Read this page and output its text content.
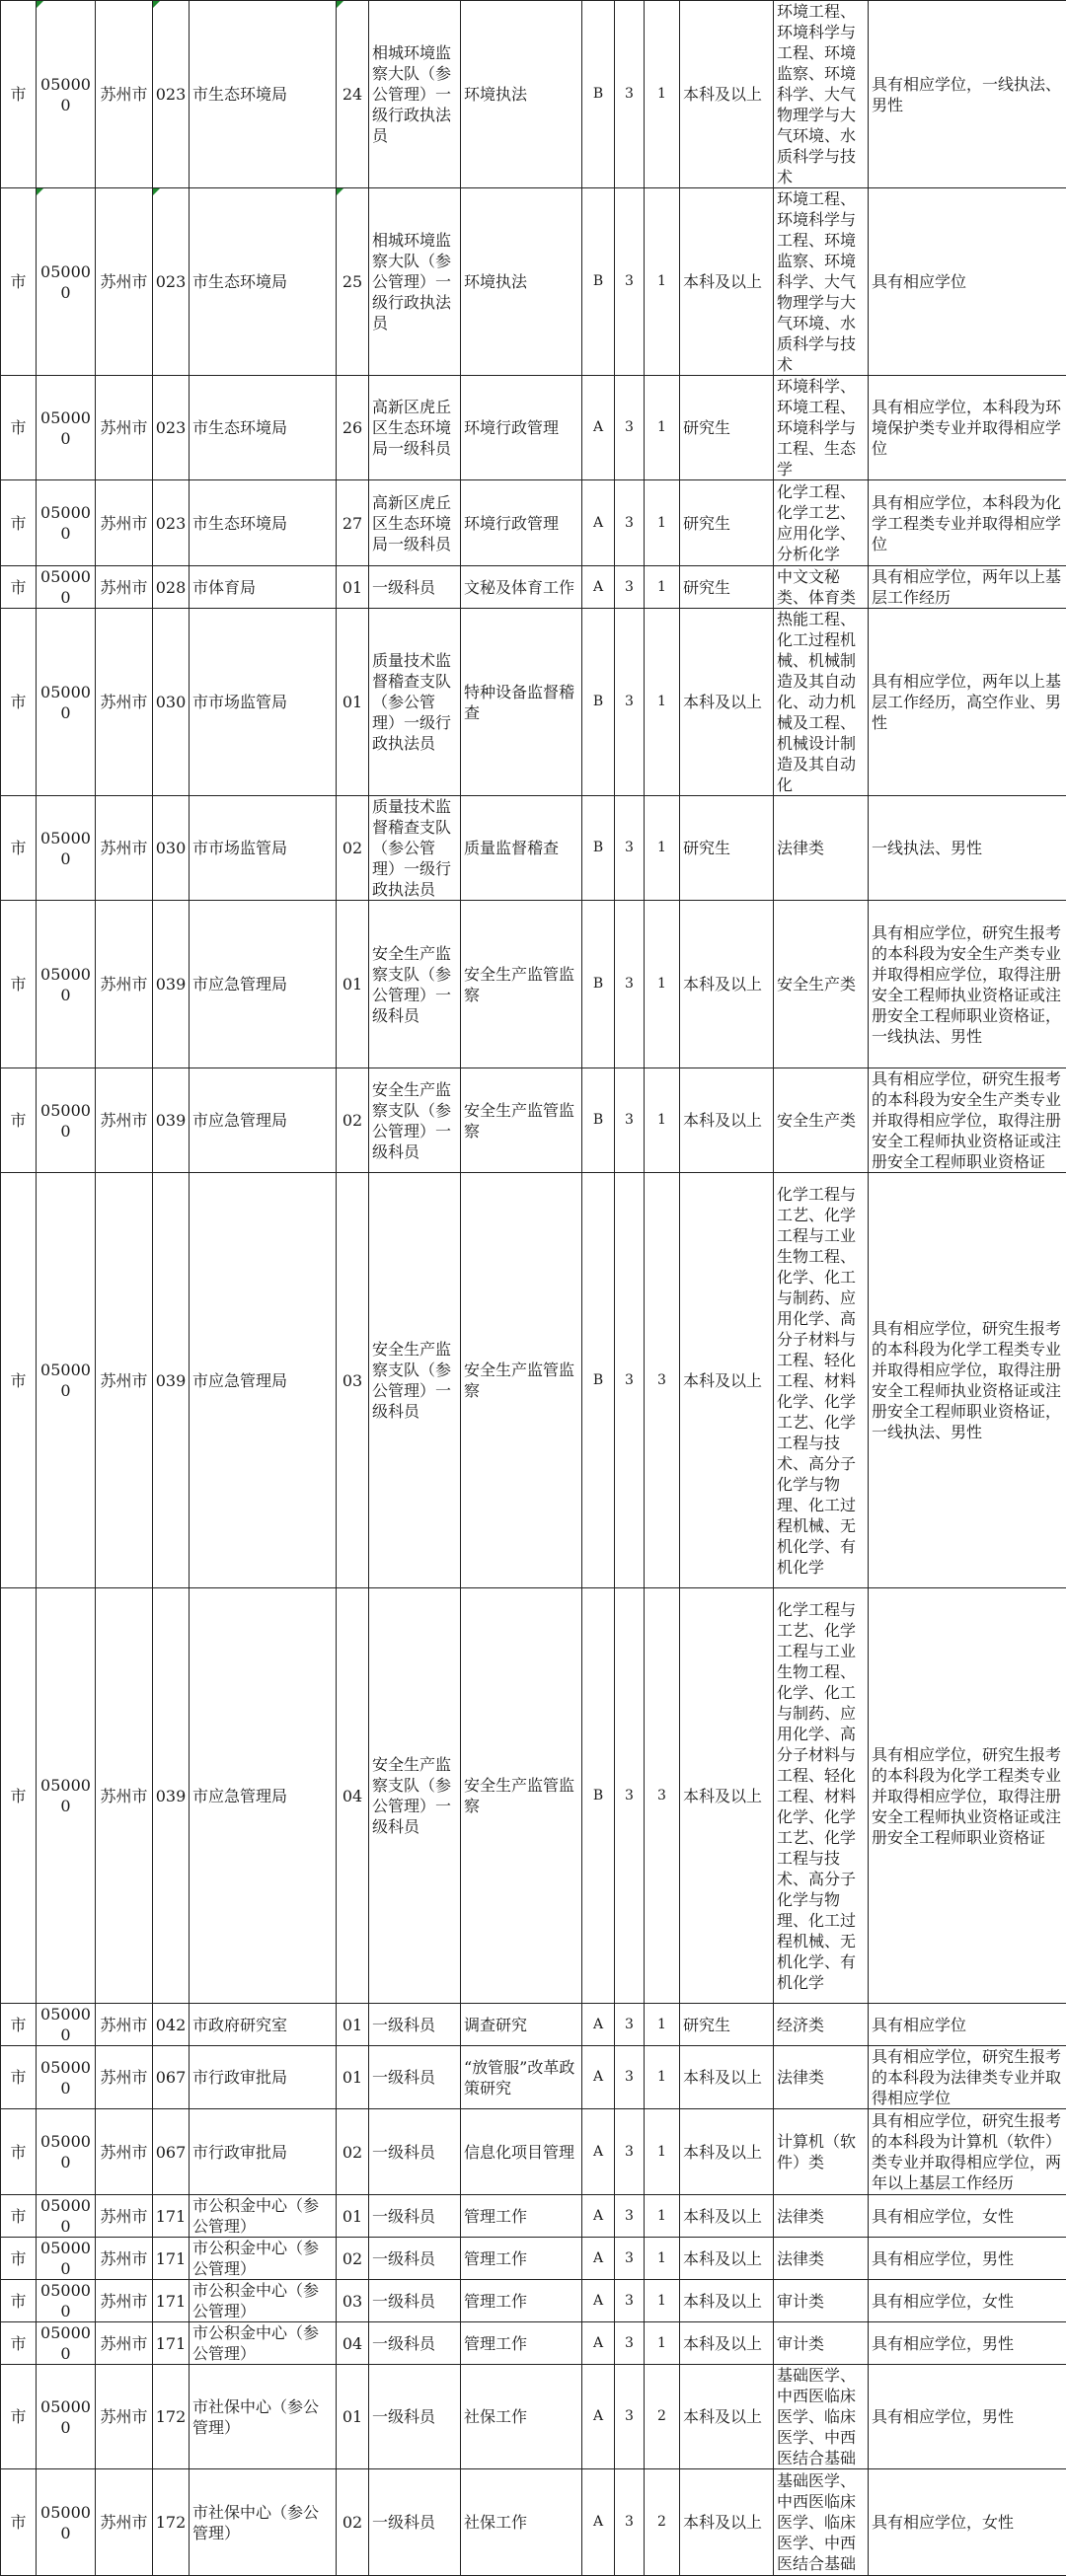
市	050000	苏州市	023	市生态环境局	24	相城环境监察大队（参公管理）一级行政执法员	环境执法	B	3	1	本科及以上	环境工程、环境科学与工程、环境监察、环境科学、大气物理学与大气环境、水质科学与技术	具有相应学位，一线执法、男性
市	050000	苏州市	023	市生态环境局	25	相城环境监察大队（参公管理）一级行政执法员	环境执法	B	3	1	本科及以上	环境工程、环境科学与工程、环境监察、环境科学、大气物理学与大气环境、水质科学与技术	具有相应学位
市	050000	苏州市	023	市生态环境局	26	高新区虎丘区生态环境局一级科员	环境行政管理	A	3	1	研究生	环境科学、环境工程、环境科学与工程、生态学	具有相应学位，本科段为环境保护类专业并取得相应学位
市	050000	苏州市	023	市生态环境局	27	高新区虎丘区生态环境局一级科员	环境行政管理	A	3	1	研究生	化学工程、化学工艺、应用化学、分析化学	具有相应学位，本科段为化学工程类专业并取得相应学位
市	050000	苏州市	028	市体育局	01	一级科员	文秘及体育工作	A	3	1	研究生	中文文秘类、体育类	具有相应学位，两年以上基层工作经历
市	050000	苏州市	030	市市场监管局	01	质量技术监督稽查支队（参公管理）一级行政执法员	特种设备监督稽查	B	3	1	本科及以上	热能工程、化工过程机械、机械制造及其自动化、动力机械及工程、机械设计制造及其自动化	具有相应学位，两年以上基层工作经历，高空作业、男性
市	050000	苏州市	030	市市场监管局	02	质量技术监督稽查支队（参公管理）一级行政执法员	质量监督稽查	B	3	1	研究生	法律类	一线执法、男性
市	050000	苏州市	039	市应急管理局	01	安全生产监察支队（参公管理）一级科员	安全生产监管监察	B	3	1	本科及以上	安全生产类	具有相应学位，研究生报考的本科段为安全生产类专业并取得相应学位，取得注册安全工程师执业资格证或注册安全工程师职业资格证，一线执法、男性
市	050000	苏州市	039	市应急管理局	02	安全生产监察支队（参公管理）一级科员	安全生产监管监察	B	3	1	本科及以上	安全生产类	具有相应学位，研究生报考的本科段为安全生产类专业并取得相应学位，取得注册安全工程师执业资格证或注册安全工程师职业资格证
市	050000	苏州市	039	市应急管理局	03	安全生产监察支队（参公管理）一级科员	安全生产监管监察	B	3	3	本科及以上	化学工程与工艺、化学工程与工业生物工程、化学、化工与制药、应用化学、高分子材料与工程、轻化工程、材料化学、化学工艺、化学工程与技术、高分子化学与物理、化工过程机械、无机化学、有机化学	具有相应学位，研究生报考的本科段为化学工程类专业并取得相应学位，取得注册安全工程师执业资格证或注册安全工程师职业资格证，一线执法、男性
市	050000	苏州市	039	市应急管理局	04	安全生产监察支队（参公管理）一级科员	安全生产监管监察	B	3	3	本科及以上	化学工程与工艺、化学工程与工业生物工程、化学、化工与制药、应用化学、高分子材料与工程、轻化工程、材料化学、化学工艺、化学工程与技术、高分子化学与物理、化工过程机械、无机化学、有机化学	具有相应学位，研究生报考的本科段为化学工程类专业并取得相应学位，取得注册安全工程师执业资格证或注册安全工程师职业资格证
市	050000	苏州市	042	市政府研究室	01	一级科员	调查研究	A	3	1	研究生	经济类	具有相应学位
市	050000	苏州市	067	市行政审批局	01	一级科员	“放管服”改革政策研究	A	3	1	本科及以上	法律类	具有相应学位，研究生报考的本科段为法律类专业并取得相应学位
市	050000	苏州市	067	市行政审批局	02	一级科员	信息化项目管理	A	3	1	本科及以上	计算机（软件）类	具有相应学位，研究生报考的本科段为计算机（软件）类专业并取得相应学位，两年以上基层工作经历
市	050000	苏州市	171	市公积金中心（参公管理）	01	一级科员	管理工作	A	3	1	本科及以上	法律类	具有相应学位，女性
市	050000	苏州市	171	市公积金中心（参公管理）	02	一级科员	管理工作	A	3	1	本科及以上	法律类	具有相应学位，男性
市	050000	苏州市	171	市公积金中心（参公管理）	03	一级科员	管理工作	A	3	1	本科及以上	审计类	具有相应学位，女性
市	050000	苏州市	171	市公积金中心（参公管理）	04	一级科员	管理工作	A	3	1	本科及以上	审计类	具有相应学位，男性
市	050000	苏州市	172	市社保中心（参公管理）	01	一级科员	社保工作	A	3	2	本科及以上	基础医学、中西医临床医学、临床医学、中西医结合基础	具有相应学位，男性
市	050000	苏州市	172	市社保中心（参公管理）	02	一级科员	社保工作	A	3	2	本科及以上	基础医学、中西医临床医学、临床医学、中西医结合基础	具有相应学位，女性
